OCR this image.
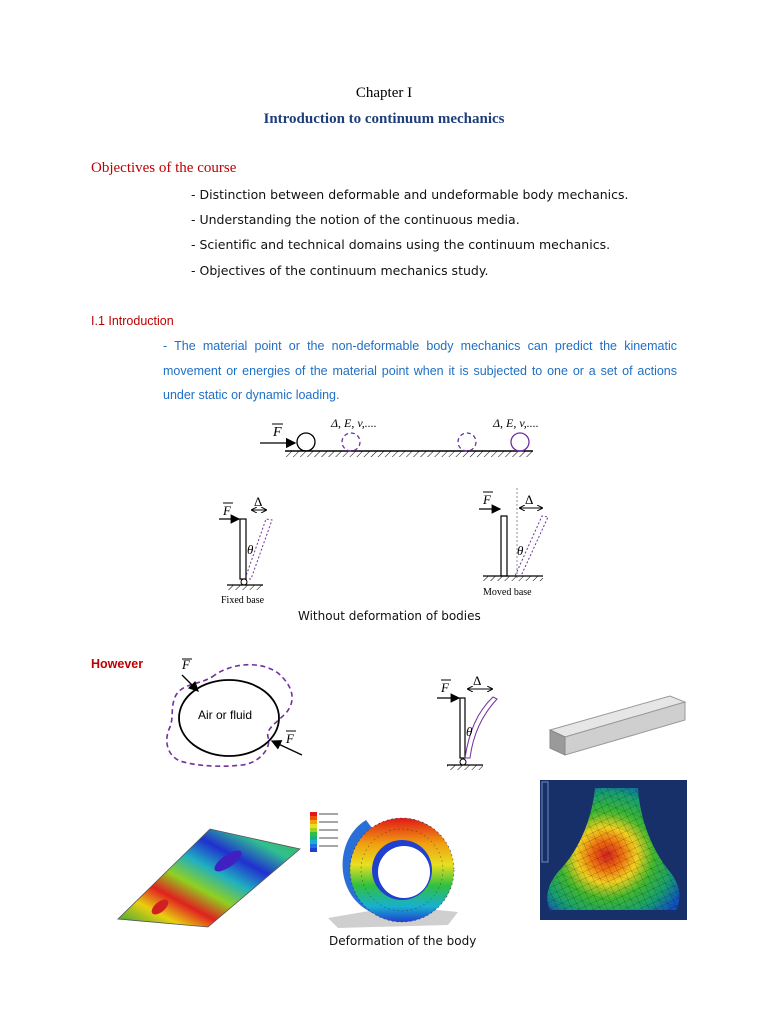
Chapter I
Introduction to continuum mechanics
Objectives of the course
- Distinction between deformable and undeformable body mechanics.
- Understanding the notion of the continuous media.
- Scientific and technical domains using the continuum mechanics.
- Objectives of the continuum mechanics study.
I.1 Introduction
- The material point or the non-deformable body mechanics can predict the kinematic movement or energies of the material point when it is subjected to one or a set of actions under static or dynamic loading.
F
Δ, E, v,....	Δ, E, v,....
F
Δ
θ
Fixed base
F	Δ
θ
Moved base
Without deformation of bodies
However
Air or fluid
F
F
F Δ
θ
Deformation of the body
